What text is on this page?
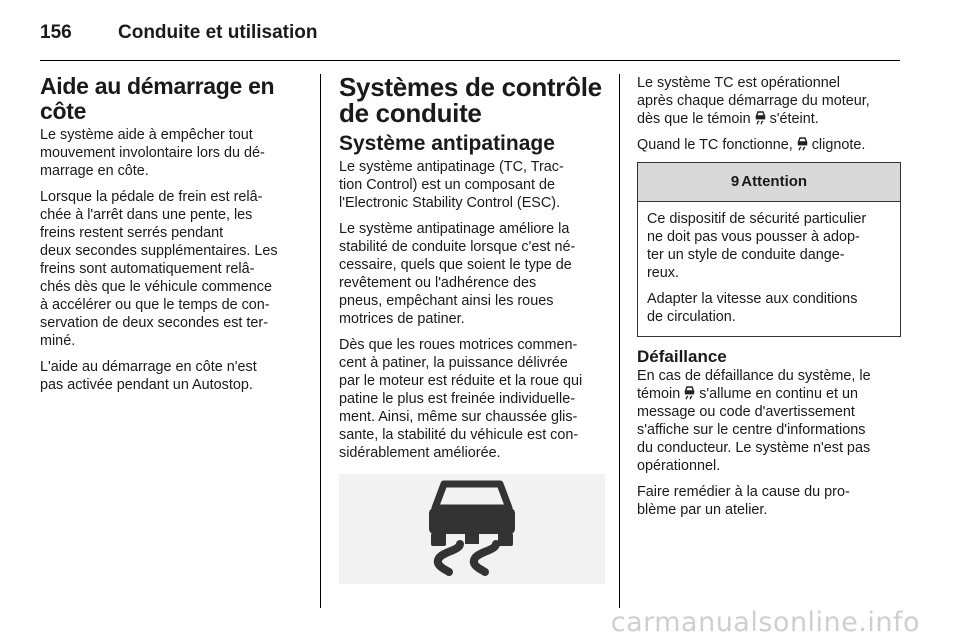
156	Conduite et utilisation
Aide au démarrage en côte

Le système aide à empêcher tout
mouvement involontaire lors du dé-
marrage en côte.

Lorsque la pédale de frein est relâ-
chée à l'arrêt dans une pente, les
freins restent serrés pendant
deux secondes supplémentaires. Les
freins sont automatiquement relâ-
chés dès que le véhicule commence
à accélérer ou que le temps de con-
servation de deux secondes est ter-
miné.

L'aide au démarrage en côte n'est
pas activée pendant un Autostop.

Systèmes de contrôle
de conduite
Système antipatinage

Le système antipatinage (TC, Trac-
tion Control) est un composant de
l'Electronic Stability Control (ESC).

Le système antipatinage améliore la
stabilité de conduite lorsque c'est né-
cessaire, quels que soient le type de
revêtement ou l'adhérence des
pneus, empêchant ainsi les roues
motrices de patiner.

Dès que les roues motrices commen-
cent à patiner, la puissance délivrée
par le moteur est réduite et la roue qui
patine le plus est freinée individuelle-
ment. Ainsi, même sur chaussée glis-
sante, la stabilité du véhicule est con-
sidérablement améliorée.

Le système TC est opérationnel
après chaque démarrage du moteur,
dès que le témoin  s'éteint.

Quand le TC fonctionne,  clignote.

9 Attention

Ce dispositif de sécurité particulier
ne doit pas vous pousser à adop-
ter un style de conduite dange-
reux.

Adapter la vitesse aux conditions
de circulation.

Défaillance

En cas de défaillance du système, le
témoin  s'allume en continu et un
message ou code d'avertissement
s'affiche sur le centre d'informations
du conducteur. Le système n'est pas
opérationnel.

Faire remédier à la cause du pro-
blème par un atelier.

carmanualsonline.info
